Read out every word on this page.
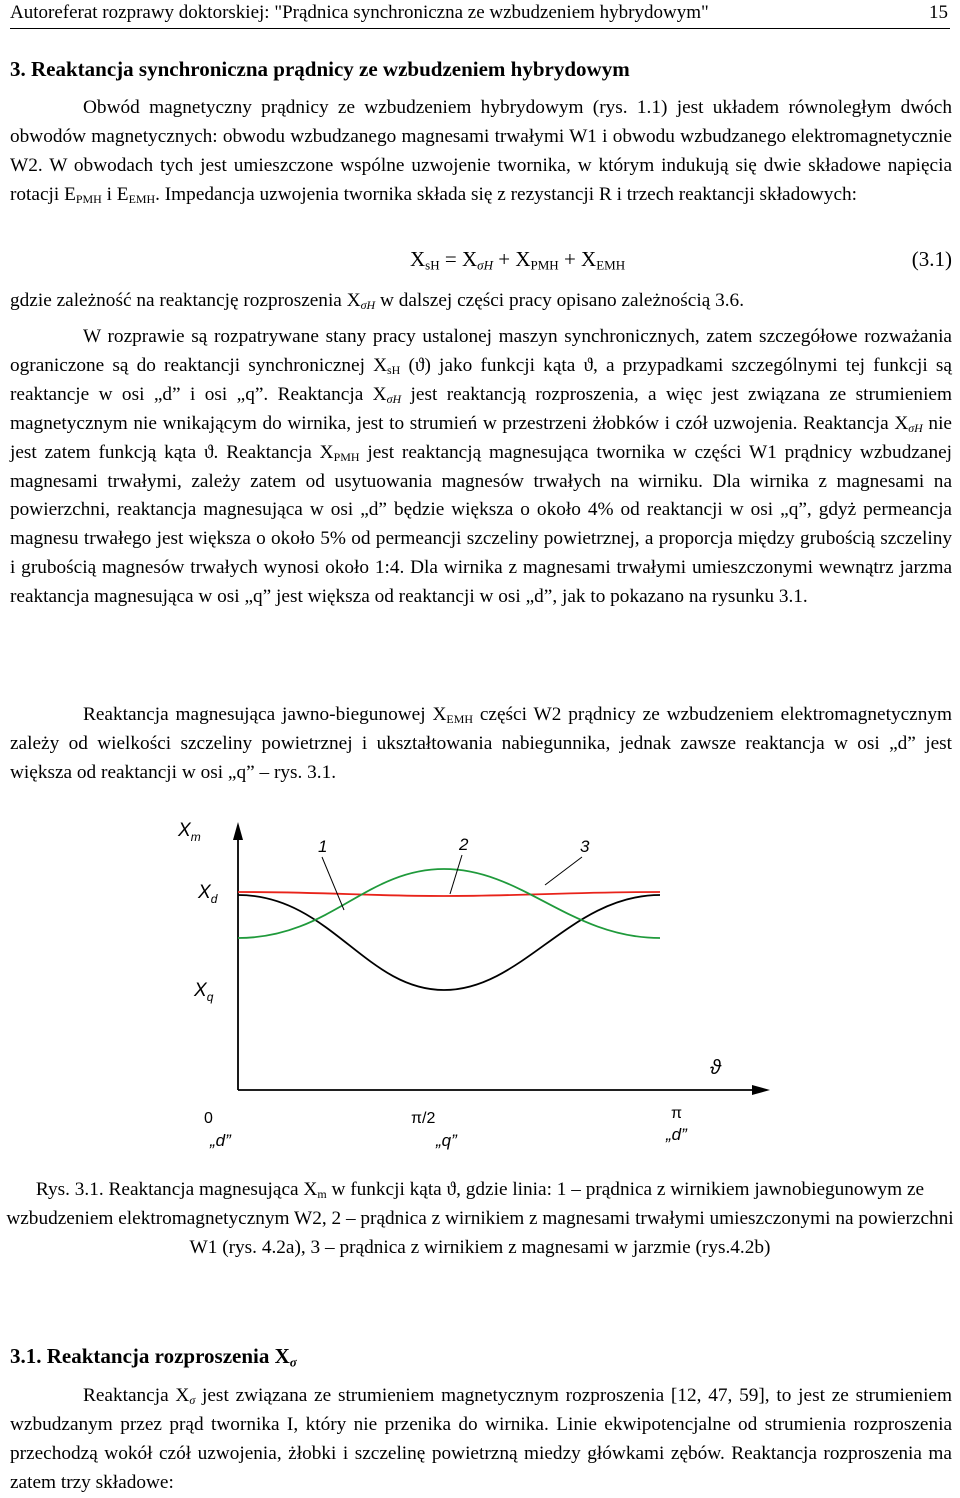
Autoreferat rozprawy doktorskiej: "Prądnica synchroniczna ze wzbudzeniem hybrydowym"	15
3. Reaktancja synchroniczna prądnicy ze wzbudzeniem hybrydowym

Obwód magnetyczny prądnicy ze wzbudzeniem hybrydowym (rys. 1.1) jest układem równoległym dwóch obwodów magnetycznych: obwodu wzbudzanego magnesami trwałymi W1 i obwodu wzbudzanego elektromagnetycznie W2. W obwodach tych jest umieszczone wspólne uzwojenie twornika, w którym indukują się dwie składowe napięcia rotacji $E_{PMH}$ i $E_{EMH}$. Impedancja uzwojenia twornika składa się z rezystancji R i trzech reaktancji składowych:

$X_{sH} = X_{\sigma H} + X_{PMH} + X_{EMH}$	(3.1)

gdzie zależność na reaktancję rozproszenia $X_{\sigma H}$ w dalszej części pracy opisano zależnością 3.6.

W rozprawie są rozpatrywane stany pracy ustalonej maszyn synchronicznych, zatem szczegółowe rozważania ograniczone są do reaktancji synchronicznej $X_{sH}$ (ϑ) jako funkcji kąta ϑ, a przypadkami szczególnymi tej funkcji są reaktancje w osi „d” i osi „q”. Reaktancja $X_{\sigma H}$ jest reaktancją rozproszenia, a więc jest związana ze strumieniem magnetycznym nie wnikającym do wirnika, jest to strumień w przestrzeni żłobków i czół uzwojenia. Reaktancja $X_{\sigma H}$ nie jest zatem funkcją kąta ϑ. Reaktancja $X_{PMH}$ jest reaktancją magnesująca twornika w części W1 prądnicy wzbudzanej magnesami trwałymi, zależy zatem od usytuowania magnesów trwałych na wirniku. Dla wirnika z magnesami na powierzchni, reaktancja magnesująca w osi „d” będzie większa o około 4% od reaktancji w osi „q”, gdyż permeancja magnesu trwałego jest większa o około 5% od permeancji szczeliny powietrznej, a proporcja między grubością szczeliny i grubością magnesów trwałych wynosi około 1:4. Dla wirnika z magnesami trwałymi umieszczonymi wewnątrz jarzma reaktancja magnesująca w osi „q” jest większa od reaktancji w osi „d”, jak to pokazano na rysunku 3.1.

Reaktancja magnesująca jawno-biegunowej $X_{EMH}$ części W2 prądnicy ze wzbudzeniem elektromagnetycznym zależy od wielkości szczeliny powietrznej i ukształtowania nabiegunnika, jednak zawsze reaktancja w osi „d” jest większa od reaktancji w osi „q” – rys. 3.1.

$X_m$
$X_d$
$X_q$
1	2	3
ϑ
0
„d”
π/2
„q”
π
„d”

Rys. 3.1. Reaktancja magnesująca $X_m$ w funkcji kąta ϑ, gdzie linia: 1 – prądnica z wirnikiem jawnobiegunowym ze wzbudzeniem elektromagnetycznym W2, 2 – prądnica z wirnikiem z magnesami trwałymi umieszczonymi na powierzchni W1 (rys. 4.2a), 3 – prądnica z wirnikiem z magnesami w jarzmie (rys.4.2b)

3.1. Reaktancja rozproszenia $X_\sigma$

Reaktancja $X_\sigma$ jest związana ze strumieniem magnetycznym rozproszenia [12, 47, 59], to jest ze strumieniem wzbudzanym przez prąd twornika I, który nie przenika do wirnika. Linie ekwipotencjalne od strumienia rozproszenia przechodzą wokół czół uzwojenia, żłobki i szczelinę powietrzną miedzy główkami zębów. Reaktancja rozproszenia ma zatem trzy składowe:
